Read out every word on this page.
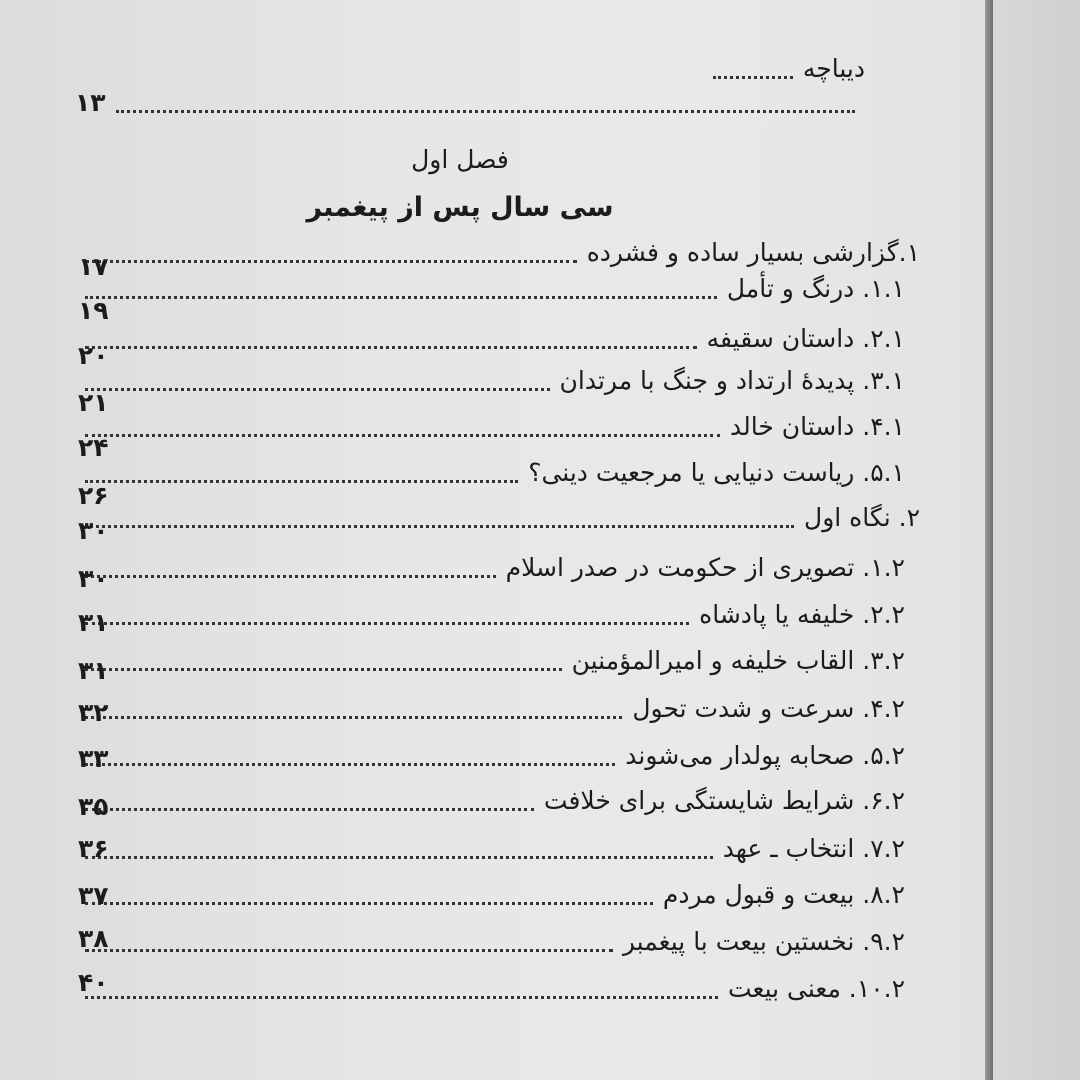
دیباچه
۱۳
فصل اول
سی سال پس از پیغمبر
۱.گزارشی بسیار ساده و فشرده
۱.۱. درنگ و تأمل
۲.۱. داستان سقیفه
۳.۱. پدیدهٔ ارتداد و جنگ با مرتدان
۴.۱. داستان خالد
۵.۱. ریاست دنیایی یا مرجعیت دینی؟
۲. نگاه اول
۱.۲. تصویری از حکومت در صدر اسلام
۲.۲. خلیفه یا پادشاه
۳.۲. القاب خلیفه و امیرالمؤمنین
۴.۲. سرعت و شدت تحول
۵.۲. صحابه پولدار می‌شوند
۶.۲. شرایط شایستگی برای خلافت
۷.۲. انتخاب ـ عهد
۸.۲. بیعت و قبول مردم
۹.۲. نخستین بیعت با پیغمبر
۱۰.۲. معنی بیعت
۱۷
۱۹
۲۰
۲۱
۲۴
۲۶
۳۰
۳۰
۳۱
۳۱
۳۲
۳۳
۳۵
۳۶
۳۷
۳۸
۴۰
